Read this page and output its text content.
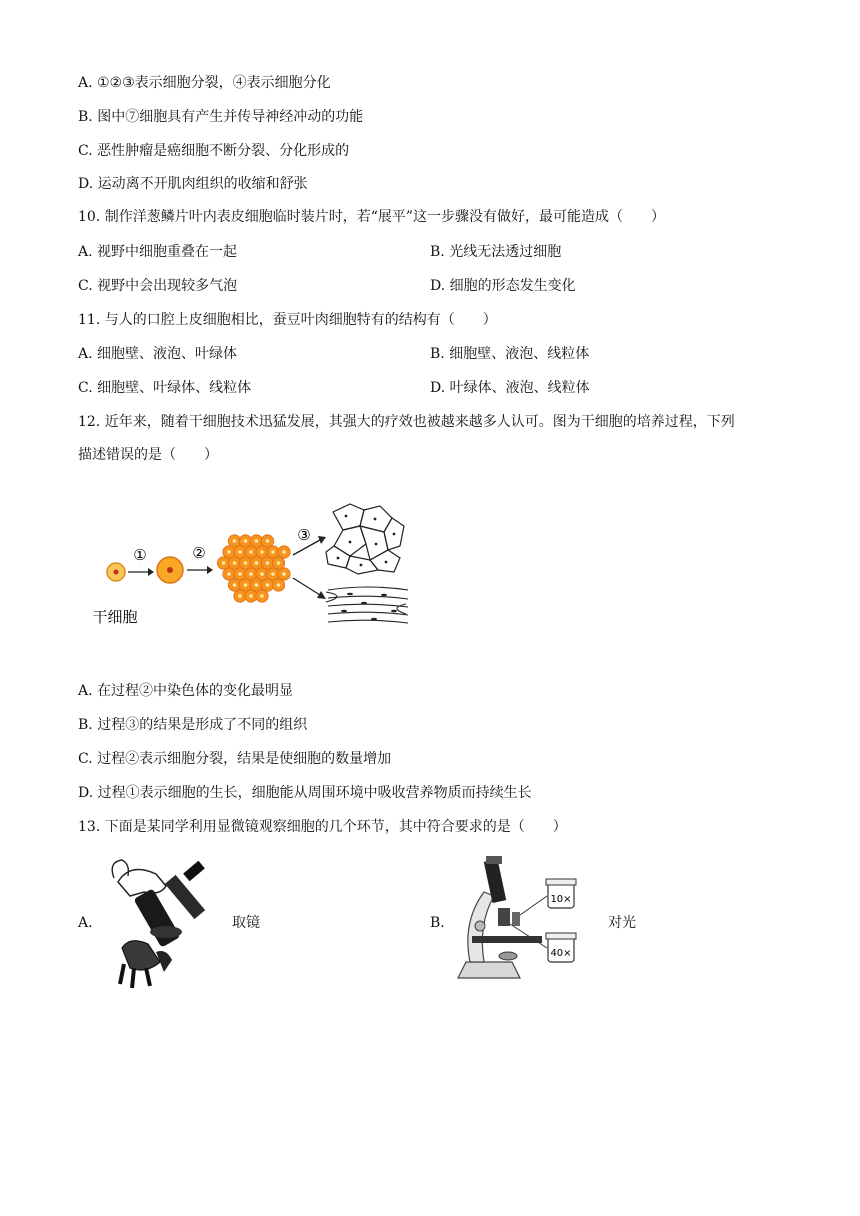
A. ①②③表示细胞分裂，④表示细胞分化
B. 图中⑦细胞具有产生并传导神经冲动的功能
C. 恶性肿瘤是癌细胞不断分裂、分化形成的
D. 运动离不开肌肉组织的收缩和舒张
10. 制作洋葱鳞片叶内表皮细胞临时装片时，若“展平”这一步骤没有做好，最可能造成（　　）
A. 视野中细胞重叠在一起	B. 光线无法透过细胞
C. 视野中会出现较多气泡	D. 细胞的形态发生变化
11. 与人的口腔上皮细胞相比，蚕豆叶肉细胞特有的结构有（　　）
A. 细胞壁、液泡、叶绿体	B. 细胞壁、液泡、线粒体
C. 细胞壁、叶绿体、线粒体	D. 叶绿体、液泡、线粒体
12. 近年来，随着干细胞技术迅猛发展，其强大的疗效也被越来越多人认可。图为干细胞的培养过程，下列
描述错误的是（　　）
①	②
③
干细胞
A. 在过程②中染色体的变化最明显
B. 过程③的结果是形成了不同的组织
C. 过程②表示细胞分裂，结果是使细胞的数量增加
D. 过程①表示细胞的生长，细胞能从周围环境中吸收营养物质而持续生长
13. 下面是某同学利用显微镜观察细胞的几个环节，其中符合要求的是（　　）
A.	取镜	B.
10×
40×
对光
